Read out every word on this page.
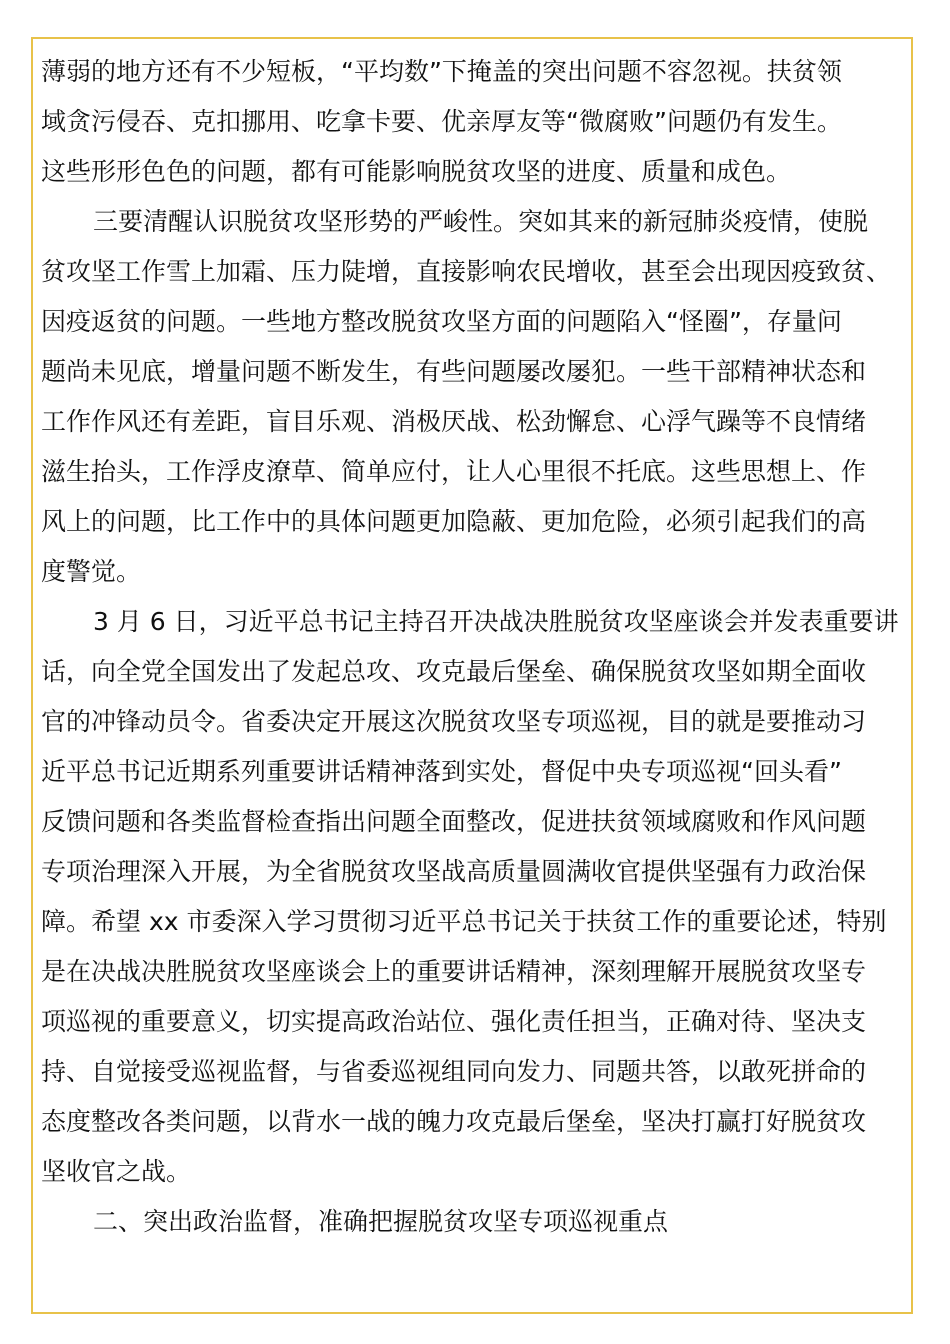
薄弱的地方还有不少短板，“平均数”下掩盖的突出问题不容忽视。扶贫领
域贪污侵吞、克扣挪用、吃拿卡要、优亲厚友等“微腐败”问题仍有发生。
这些形形色色的问题，都有可能影响脱贫攻坚的进度、质量和成色。
三要清醒认识脱贫攻坚形势的严峻性。突如其来的新冠肺炎疫情，使脱
贫攻坚工作雪上加霜、压力陡增，直接影响农民增收，甚至会出现因疫致贫、
因疫返贫的问题。一些地方整改脱贫攻坚方面的问题陷入“怪圈”，存量问
题尚未见底，增量问题不断发生，有些问题屡改屡犯。一些干部精神状态和
工作作风还有差距，盲目乐观、消极厌战、松劲懈怠、心浮气躁等不良情绪
滋生抬头，工作浮皮潦草、简单应付，让人心里很不托底。这些思想上、作
风上的问题，比工作中的具体问题更加隐蔽、更加危险，必须引起我们的高
度警觉。
3 月 6 日，习近平总书记主持召开决战决胜脱贫攻坚座谈会并发表重要讲
话，向全党全国发出了发起总攻、攻克最后堡垒、确保脱贫攻坚如期全面收
官的冲锋动员令。省委决定开展这次脱贫攻坚专项巡视，目的就是要推动习
近平总书记近期系列重要讲话精神落到实处，督促中央专项巡视“回头看”
反馈问题和各类监督检查指出问题全面整改，促进扶贫领域腐败和作风问题
专项治理深入开展，为全省脱贫攻坚战高质量圆满收官提供坚强有力政治保
障。希望 xx 市委深入学习贯彻习近平总书记关于扶贫工作的重要论述，特别
是在决战决胜脱贫攻坚座谈会上的重要讲话精神，深刻理解开展脱贫攻坚专
项巡视的重要意义，切实提高政治站位、强化责任担当，正确对待、坚决支
持、自觉接受巡视监督，与省委巡视组同向发力、同题共答，以敢死拼命的
态度整改各类问题，以背水一战的魄力攻克最后堡垒，坚决打赢打好脱贫攻
坚收官之战。
二、突出政治监督，准确把握脱贫攻坚专项巡视重点
